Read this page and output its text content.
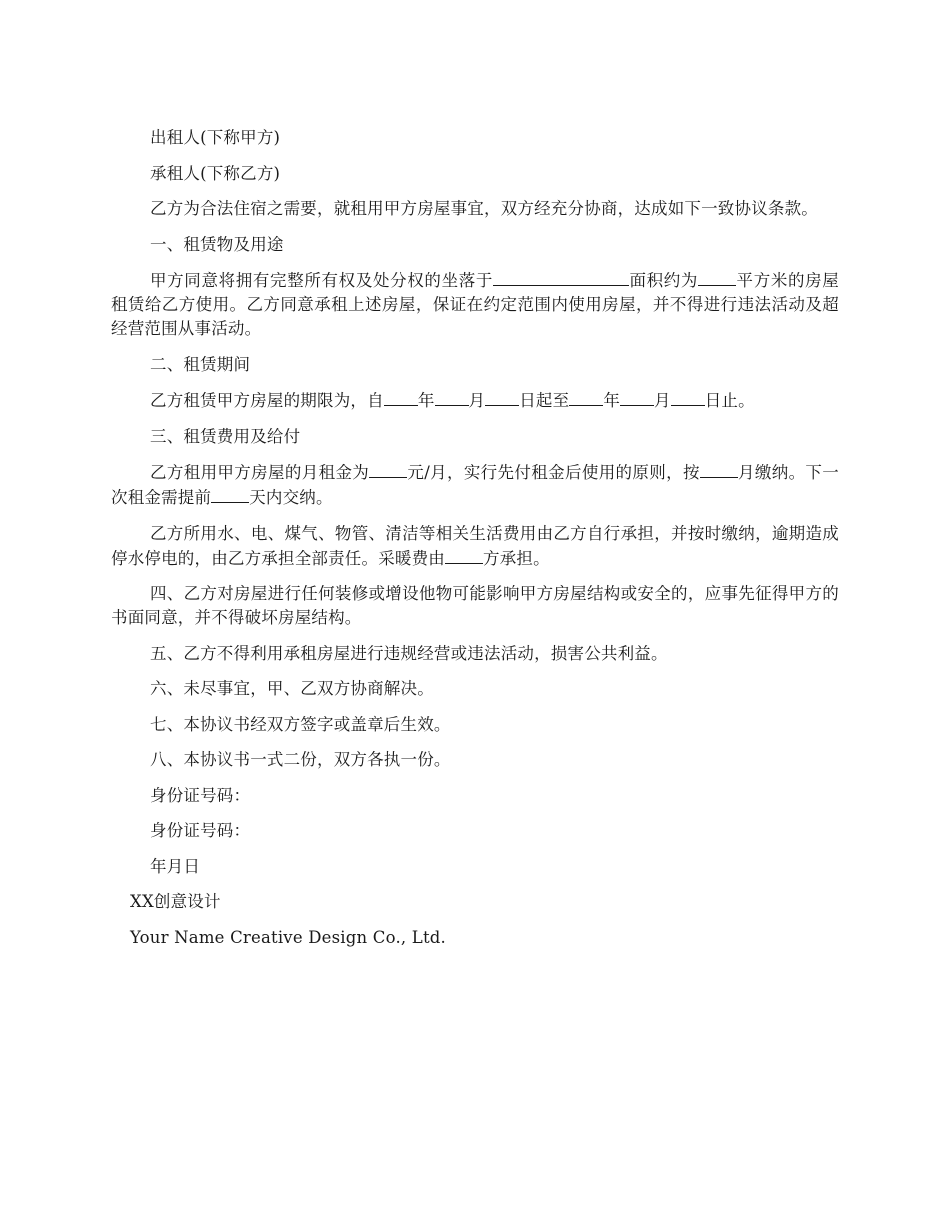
出租人(下称甲方)

承租人(下称乙方)

乙方为合法住宿之需要，就租用甲方房屋事宜，双方经充分协商，达成如下一致协议条款。

一、租赁物及用途

甲方同意将拥有完整所有权及处分权的坐落于	面积约为 平方米的房屋租赁给乙方使用。乙方同意承租上述房屋，保证在约定范围内使用房屋，并不得进行违法活动及超经营范围从事活动。

二、租赁期间

乙方租赁甲方房屋的期限为，自 年 月 日起至 年 月 日止。

三、租赁费用及给付

乙方租用甲方房屋的月租金为 元/月，实行先付租金后使用的原则，按 月缴纳。下一次租金需提前 天内交纳。

乙方所用水、电、煤气、物管、清洁等相关生活费用由乙方自行承担，并按时缴纳，逾期造成停水停电的，由乙方承担全部责任。采暖费由 方承担。

四、乙方对房屋进行任何装修或增设他物可能影响甲方房屋结构或安全的，应事先征得甲方的书面同意，并不得破坏房屋结构。

五、乙方不得利用承租房屋进行违规经营或违法活动，损害公共利益。

六、未尽事宜，甲、乙双方协商解决。

七、本协议书经双方签字或盖章后生效。

八、本协议书一式二份，双方各执一份。

身份证号码：

身份证号码：

年月日

XX创意设计

Your Name Creative Design Co., Ltd.
